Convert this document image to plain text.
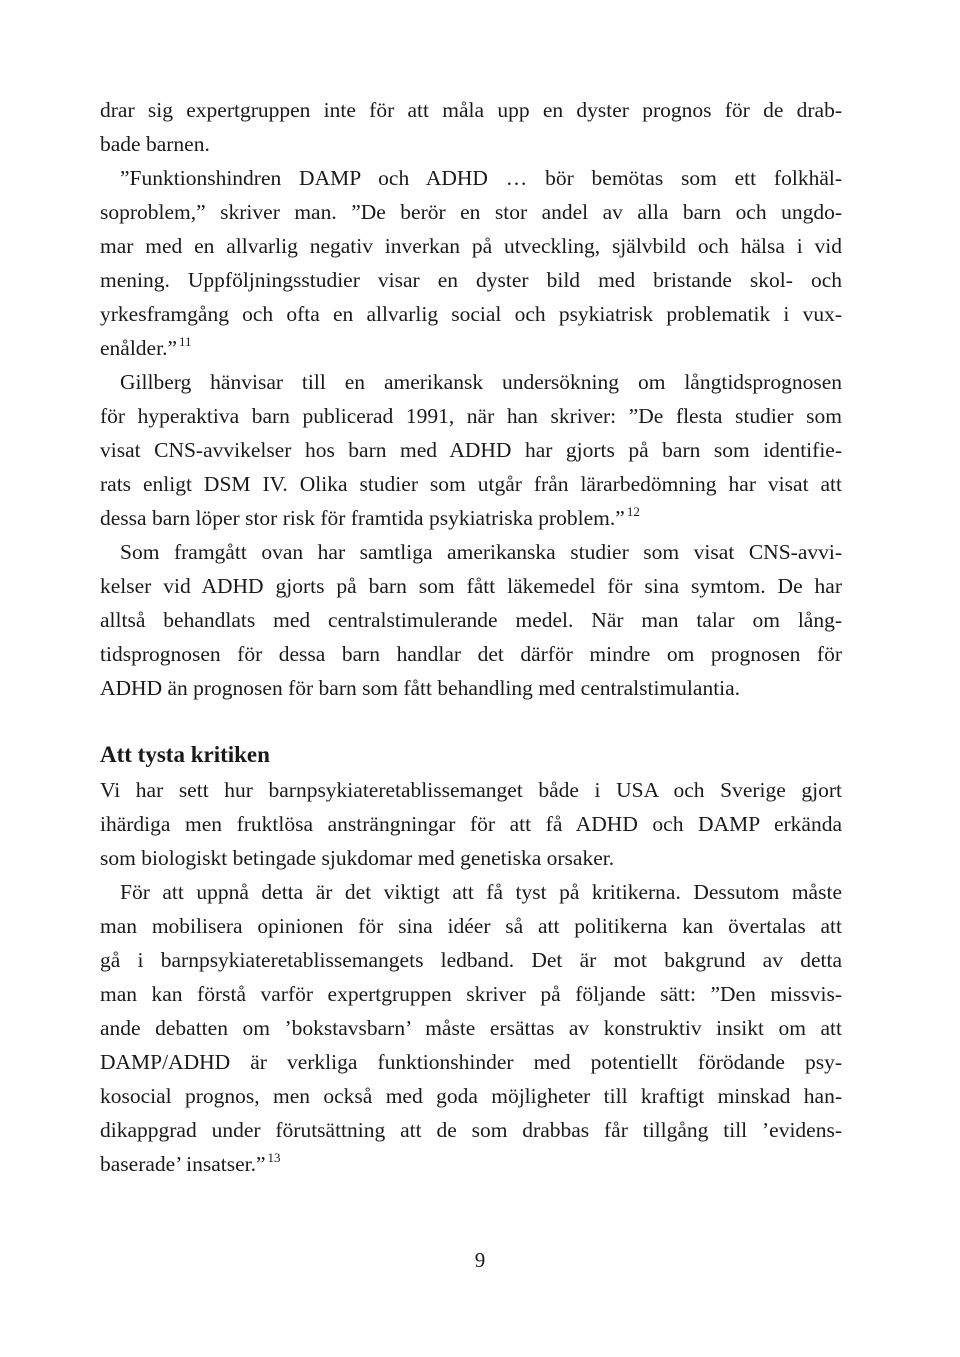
drar sig expertgruppen inte för att måla upp en dyster prognos för de drab-
bade barnen.
”Funktionshindren DAMP och ADHD … bör bemötas som ett folkhäl-
soproblem,” skriver man. ”De berör en stor andel av alla barn och ungdo-
mar med en allvarlig negativ inverkan på utveckling, självbild och hälsa i vid
mening. Uppföljningsstudier visar en dyster bild med bristande skol- och
yrkesframgång och ofta en allvarlig social och psykiatrisk problematik i vux-
enålder.” $^{11}$
Gillberg hänvisar till en amerikansk undersökning om långtidsprognosen
för hyperaktiva barn publicerad 1991, när han skriver: ”De flesta studier som
visat CNS-avvikelser hos barn med ADHD har gjorts på barn som identifie-
rats enligt DSM IV. Olika studier som utgår från lärarbedömning har visat att
dessa barn löper stor risk för framtida psykiatriska problem.” $^{12}$
Som framgått ovan har samtliga amerikanska studier som visat CNS-avvi-
kelser vid ADHD gjorts på barn som fått läkemedel för sina symtom. De har
alltså behandlats med centralstimulerande medel. När man talar om lång-
tidsprognosen för dessa barn handlar det därför mindre om prognosen för
ADHD än prognosen för barn som fått behandling med centralstimulantia.
Att tysta kritiken
Vi har sett hur barnpsykiateretablissemanget både i USA och Sverige gjort
ihärdiga men fruktlösa ansträngningar för att få ADHD och DAMP erkända
som biologiskt betingade sjukdomar med genetiska orsaker.
För att uppnå detta är det viktigt att få tyst på kritikerna. Dessutom måste
man mobilisera opinionen för sina idéer så att politikerna kan övertalas att
gå i barnpsykiateretablissemangets ledband. Det är mot bakgrund av detta
man kan förstå varför expertgruppen skriver på följande sätt: ”Den missvis-
ande debatten om ’bokstavsbarn’ måste ersättas av konstruktiv insikt om att
DAMP/ADHD är verkliga funktionshinder med potentiellt förödande psy-
kosocial prognos, men också med goda möjligheter till kraftigt minskad han-
dikappgrad under förutsättning att de som drabbas får tillgång till ’evidens-
baserade’ insatser.” $^{13}$
9
